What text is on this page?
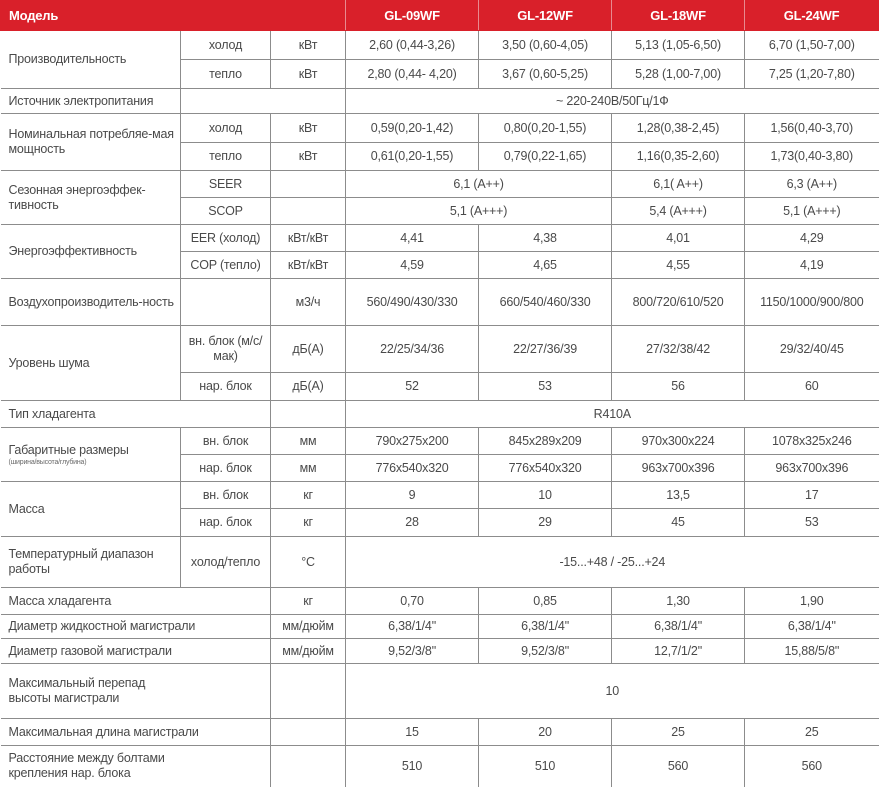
Модель			GL-09WF	GL-12WF	GL-18WF	GL-24WF
Производительность	холод	кВт	2,60 (0,44-3,26)	3,50 (0,60-4,05)	5,13 (1,05-6,50)	6,70 (1,50-7,00)
	тепло	кВт	2,80 (0,44- 4,20)	3,67 (0,60-5,25)	5,28 (1,00-7,00)	7,25 (1,20-7,80)
Источник электропитания			~ 220-240В/50Гц/1Ф			
Номинальная потребляе-мая мощность	холод	кВт	0,59(0,20-1,42)	0,80(0,20-1,55)	1,28(0,38-2,45)	1,56(0,40-3,70)
	тепло	кВт	0,61(0,20-1,55)	0,79(0,22-1,65)	1,16(0,35-2,60)	1,73(0,40-3,80)
Сезонная энергоэффек-тивность	SEER		6,1 (A++)		6,1( A++)	6,3 (A++)
	SCOP		5,1 (A+++)		5,4 (A+++)	5,1 (A+++)
Энергоэффективность	EER (холод)	кВт/кВт	4,41	4,38	4,01	4,29
	COP (тепло)	кВт/кВт	4,59	4,65	4,55	4,19
Воздухопроизводитель-ность		м3/ч	560/490/430/330	660/540/460/330	800/720/610/520	1150/1000/900/800
Уровень шума	вн. блок (м/с/мак)	дБ(А)	22/25/34/36	22/27/36/39	27/32/38/42	29/32/40/45
	нар. блок	дБ(А)	52	53	56	60
Тип хладагента			R410A			
Габаритные размеры
(ширина/высота/глубина)	вн. блок	мм	790x275x200	845x289x209	970x300x224	1078x325x246
	нар. блок	мм	776x540x320	776x540x320	963x700x396	963x700x396
Масса	вн. блок	кг	9	10	13,5	17
	нар. блок	кг	28	29	45	53
Температурный диапазон работы	холод/тепло	°С	-15...+48 / -25...+24			
Масса хладагента		кг	0,70	0,85	1,30	1,90
Диаметр жидкостной магистрали		мм/дюйм	6,38/1/4"	6,38/1/4"	6,38/1/4"	6,38/1/4"
Диаметр газовой магистрали		мм/дюйм	9,52/3/8"	9,52/3/8"	12,7/1/2"	15,88/5/8"
Максимальный перепад высоты магистрали			10			
Максимальная длина магистрали			15	20	25	25
Расстояние между болтами крепления нар. блока			510	510	560	560
